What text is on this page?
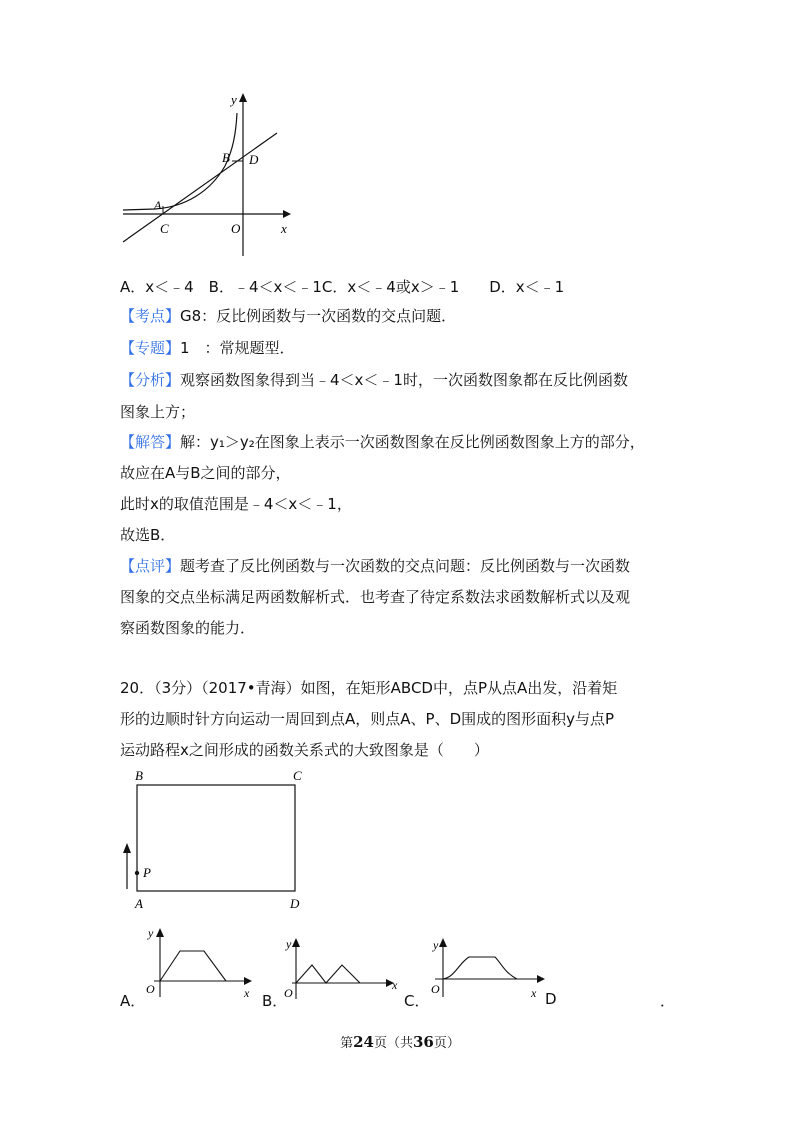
y
x
O
A
C
B D
A．x＜﹣4　B．﹣4＜x＜﹣1C．x＜﹣4或x＞﹣1　　D．x＜﹣1
【考点】G8：反比例函数与一次函数的交点问题．
【专题】1　：常规题型．
【分析】观察函数图象得到当﹣4＜x＜﹣1时，一次函数图象都在反比例函数
图象上方；
【解答】解：y₁＞y₂在图象上表示一次函数图象在反比例函数图象上方的部分，
故应在A与B之间的部分，
此时x的取值范围是﹣4＜x＜﹣1，
故选B．
【点评】题考查了反比例函数与一次函数的交点问题：反比例函数与一次函数
图象的交点坐标满足两函数解析式．也考查了待定系数法求函数解析式以及观
察函数图象的能力．
20．（3分）（2017•青海）如图，在矩形ABCD中，点P从点A出发，沿着矩
形的边顺时针方向运动一周回到点A，则点A、P、D围成的图形面积y与点P
运动路程x之间形成的函数关系式的大致图象是（　　）
B	C
A	D
P
y
O	x
A．
y
O
x
B．
y
O	x
C．	D	．
第24页（共36页）
